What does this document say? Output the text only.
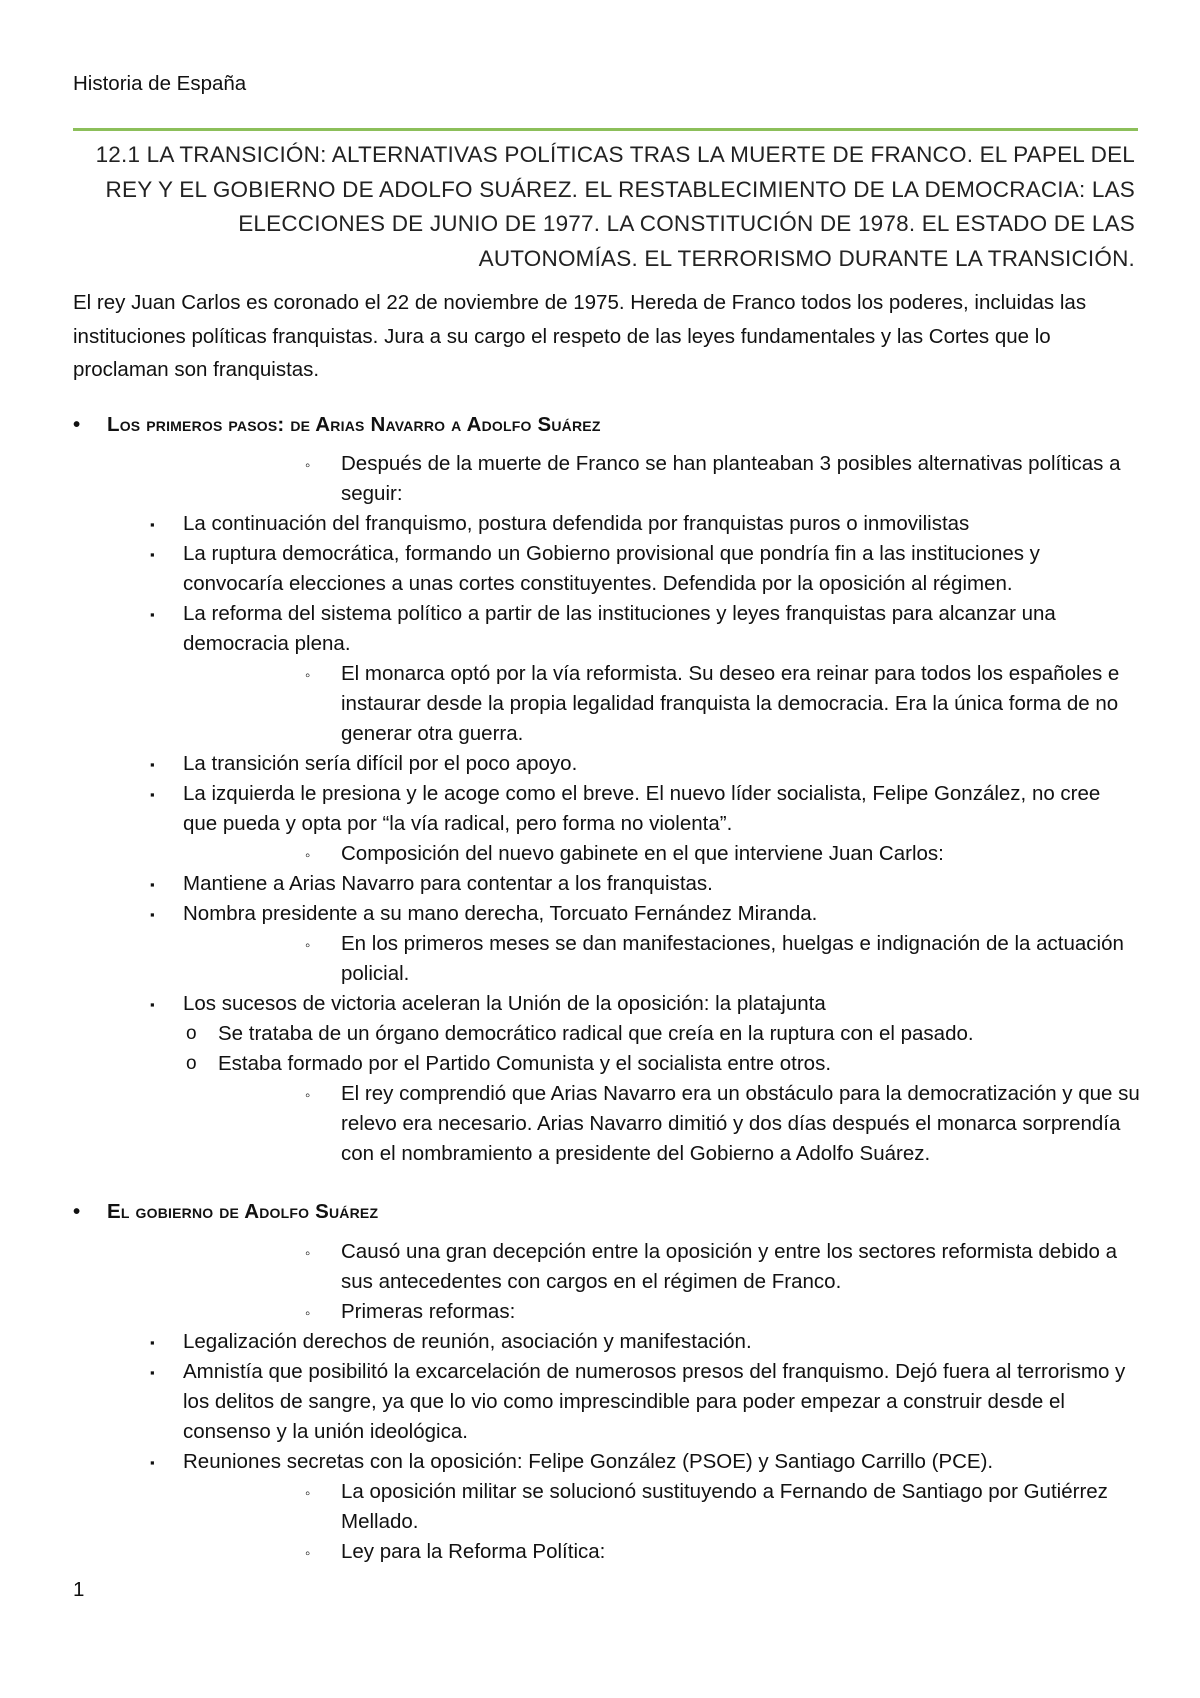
Historia de España
12.1 LA TRANSICIÓN: ALTERNATIVAS POLÍTICAS TRAS LA MUERTE DE FRANCO. EL PAPEL DEL
REY Y EL GOBIERNO DE ADOLFO SUÁREZ. EL RESTABLECIMIENTO DE LA DEMOCRACIA: LAS
ELECCIONES DE JUNIO DE 1977. LA CONSTITUCIÓN DE 1978. EL ESTADO DE LAS
AUTONOMÍAS. EL TERRORISMO DURANTE LA TRANSICIÓN.
El rey Juan Carlos es coronado el 22 de noviembre de 1975. Hereda de Franco todos los poderes, incluidas las instituciones políticas franquistas. Jura a su cargo el respeto de las leyes fundamentales y las Cortes que lo proclaman son franquistas.
• Los primeros pasos: de Arias Navarro a Adolfo Suárez
• El gobierno de Adolfo Suárez
◦ Después de la muerte de Franco se han planteaban 3 posibles alternativas políticas a seguir:
▪ La continuación del franquismo, postura defendida por franquistas puros o inmovilistas
▪ La ruptura democrática, formando un Gobierno provisional que pondría fin a las instituciones y convocaría elecciones a unas cortes constituyentes. Defendida por la oposición al régimen.
▪ La reforma del sistema político a partir de las instituciones y leyes franquistas para alcanzar una democracia plena.
◦ El monarca optó por la vía reformista. Su deseo era reinar para todos los españoles e instaurar desde la propia legalidad franquista la democracia. Era la única forma de no generar otra guerra.
▪ La transición sería difícil por el poco apoyo.
▪ La izquierda le presiona y le acoge como el breve. El nuevo líder socialista, Felipe González, no cree que pueda y opta por “la vía radical, pero forma no violenta”.
◦ Composición del nuevo gabinete en el que interviene Juan Carlos:
▪ Mantiene a Arias Navarro para contentar a los franquistas.
▪ Nombra presidente a su mano derecha, Torcuato Fernández Miranda.
◦ En los primeros meses se dan manifestaciones, huelgas e indignación de la actuación policial.
▪ Los sucesos de victoria aceleran la Unión de la oposición: la platajunta
o Se trataba de un órgano democrático radical que creía en la ruptura con el pasado.
o Estaba formado por el Partido Comunista y el socialista entre otros.
◦ El rey comprendió que Arias Navarro era un obstáculo para la democratización y que su relevo era necesario. Arias Navarro dimitió y dos días después el monarca sorprendía con el nombramiento a presidente del Gobierno a Adolfo Suárez.
◦ Causó una gran decepción entre la oposición y entre los sectores reformista debido a sus antecedentes con cargos en el régimen de Franco.
◦ Primeras reformas:
▪ Legalización derechos de reunión, asociación y manifestación.
▪ Amnistía que posibilitó la excarcelación de numerosos presos del franquismo. Dejó fuera al terrorismo y los delitos de sangre, ya que lo vio como imprescindible para poder empezar a construir desde el consenso y la unión ideológica.
▪ Reuniones secretas con la oposición: Felipe González (PSOE) y Santiago Carrillo (PCE).
◦ La oposición militar se solucionó sustituyendo a Fernando de Santiago por Gutiérrez Mellado.
◦ Ley para la Reforma Política:
1
